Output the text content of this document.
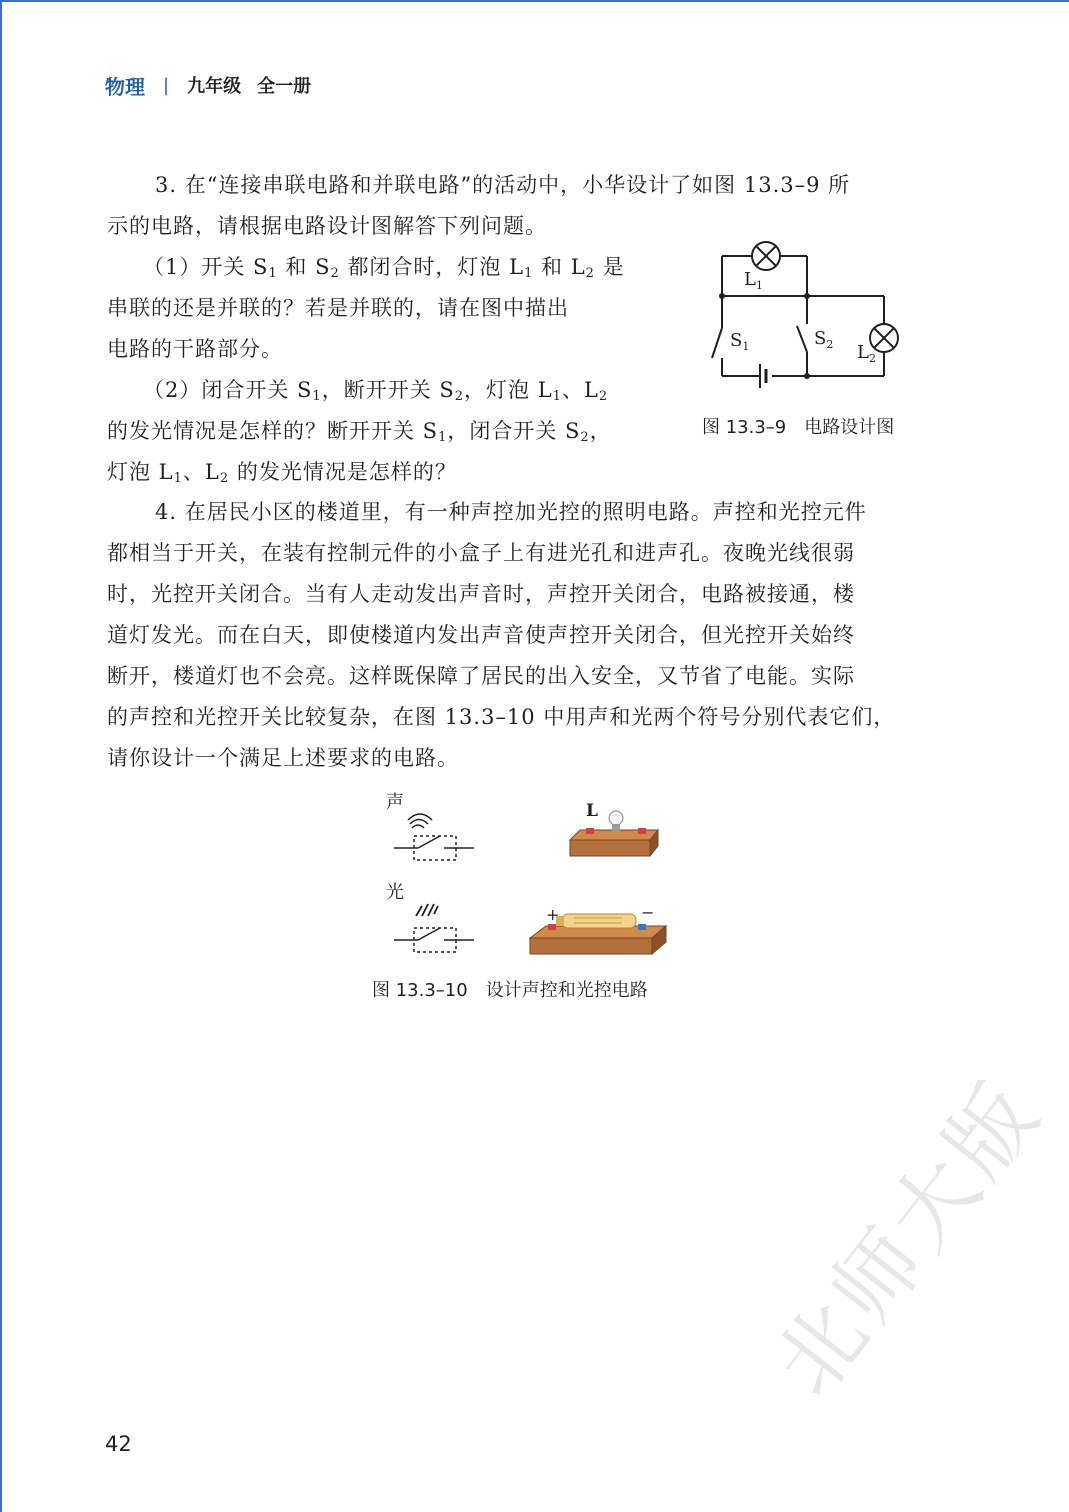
物理 | 九年级 全一册

3. 在“连接串联电路和并联电路”的活动中，小华设计了如图 13.3–9 所

示的电路，请根据电路设计图解答下列问题。

（1）开关 $S_1$ 和 $S_2$ 都闭合时，灯泡 $L_1$ 和 $L_2$ 是

串联的还是并联的？若是并联的，请在图中描出

电路的干路部分。

（2）闭合开关 $S_1$，断开开关 $S_2$，灯泡 $L_1$、$L_2$

的发光情况是怎样的？断开开关 $S_1$，闭合开关 $S_2$，

灯泡 $L_1$、$L_2$ 的发光情况是怎样的？

$L_1$
$S_1$	$S_2$ $L_2$
图 13.3–9　电路设计图

4. 在居民小区的楼道里，有一种声控加光控的照明电路。声控和光控元件

都相当于开关，在装有控制元件的小盒子上有进光孔和进声孔。夜晚光线很弱

时，光控开关闭合。当有人走动发出声音时，声控开关闭合，电路被接通，楼

道灯发光。而在白天，即使楼道内发出声音使声控开关闭合，但光控开关始终

断开，楼道灯也不会亮。这样既保障了居民的出入安全，又节省了电能。实际

的声控和光控开关比较复杂，在图 13.3–10 中用声和光两个符号分别代表它们，

请你设计一个满足上述要求的电路。

声
光
L
+	−
图 13.3–10　设计声控和光控电路
北师大版
42
